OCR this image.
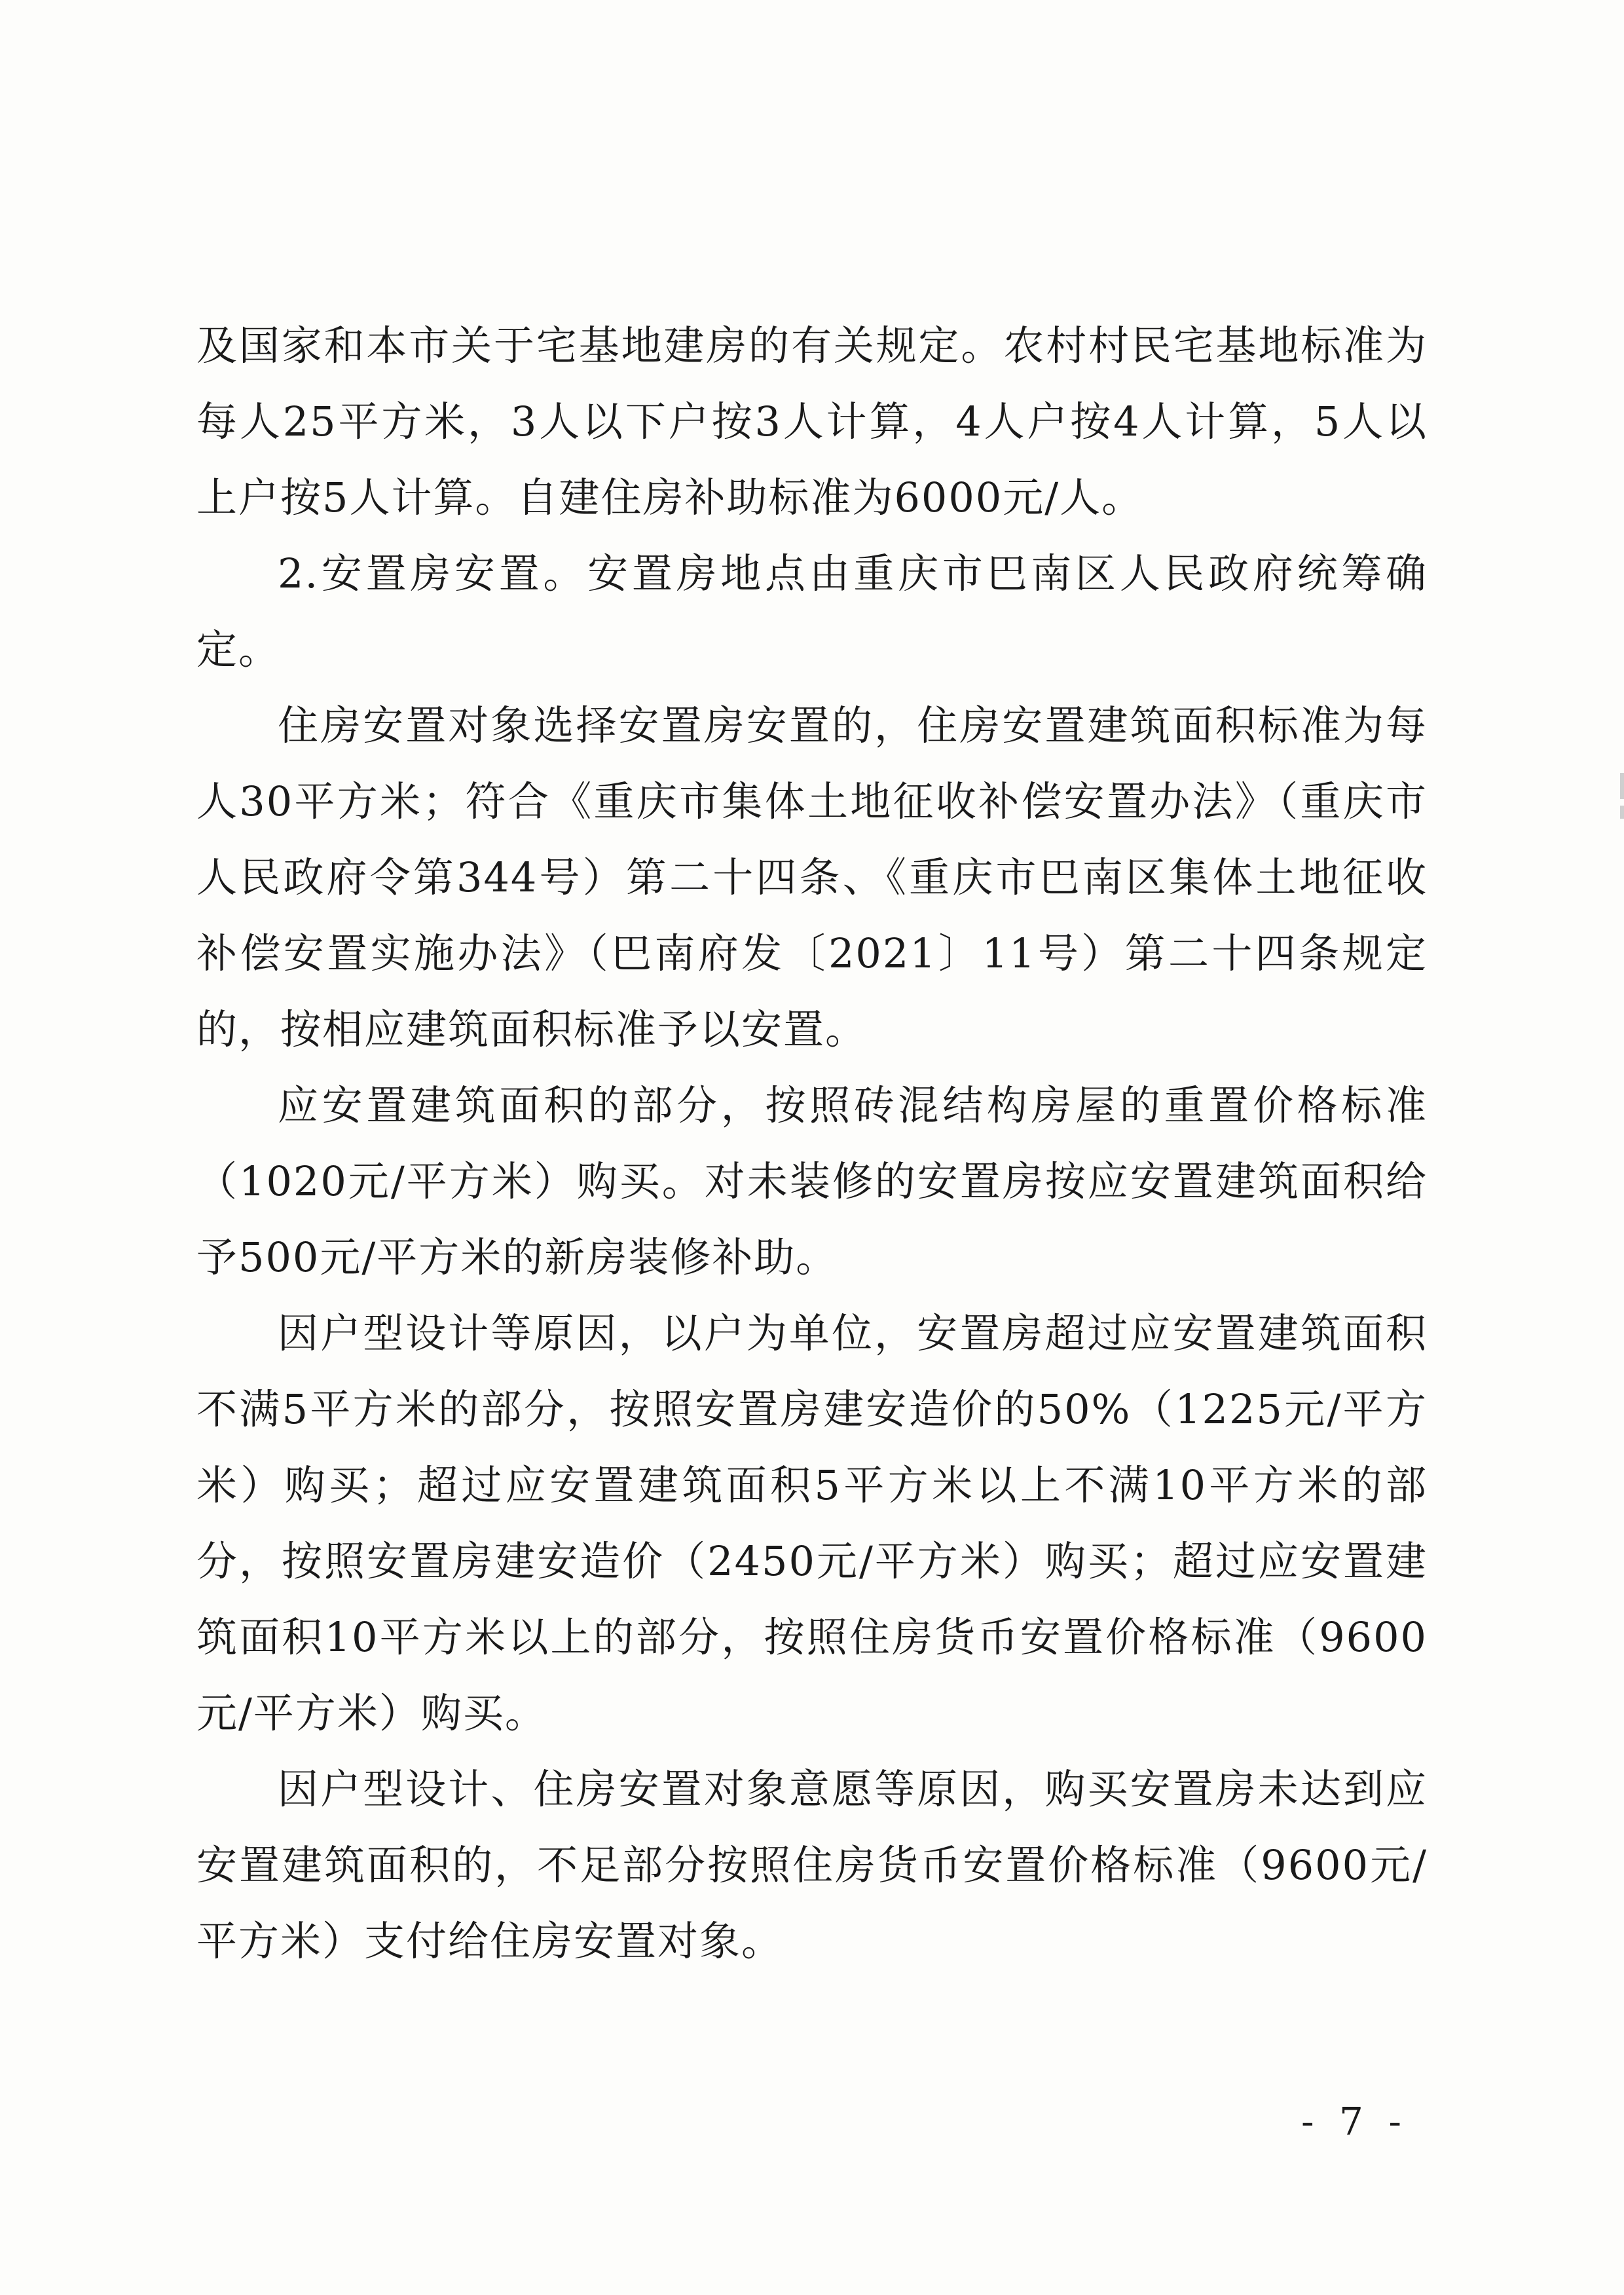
及国家和本市关于宅基地建房的有关规定。农村村民宅基地标准为每人25平方米，3人以下户按3人计算，4人户按4人计算，5人以上户按5人计算。自建住房补助标准为6000元/人。

2.安置房安置。安置房地点由重庆市巴南区人民政府统筹确定。

住房安置对象选择安置房安置的，住房安置建筑面积标准为每人30平方米；符合《重庆市集体土地征收补偿安置办法》（重庆市人民政府令第344号）第二十四条、《重庆市巴南区集体土地征收补偿安置实施办法》（巴南府发〔2021〕11号）第二十四条规定的，按相应建筑面积标准予以安置。

应安置建筑面积的部分，按照砖混结构房屋的重置价格标准（1020元/平方米）购买。对未装修的安置房按应安置建筑面积给予500元/平方米的新房装修补助。

因户型设计等原因，以户为单位，安置房超过应安置建筑面积不满5平方米的部分，按照安置房建安造价的50%（1225元/平方米）购买；超过应安置建筑面积5平方米以上不满10平方米的部分，按照安置房建安造价（2450元/平方米）购买；超过应安置建筑面积10平方米以上的部分，按照住房货币安置价格标准（9600元/平方米）购买。

因户型设计、住房安置对象意愿等原因，购买安置房未达到应安置建筑面积的，不足部分按照住房货币安置价格标准（9600元/平方米）支付给住房安置对象。

- 7 -
